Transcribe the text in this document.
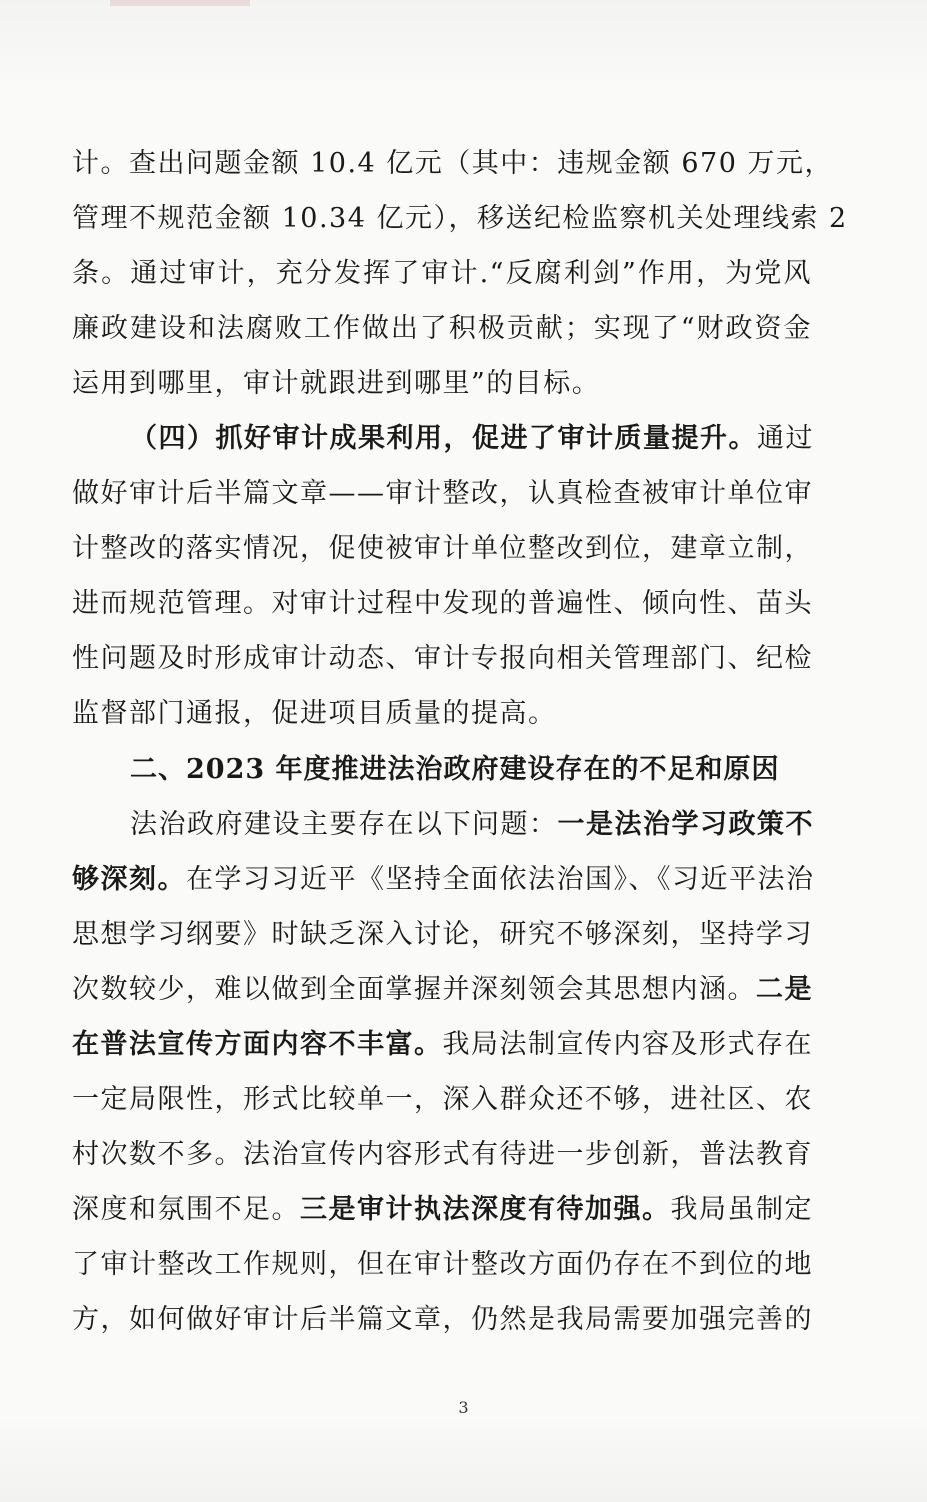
计。查出问题金额 10.4 亿元（其中：违规金额 670 万元，
管理不规范金额 10.34 亿元），移送纪检监察机关处理线索 2
条。通过审计，充分发挥了审计.“反腐利剑”作用，为党风
廉政建设和法腐败工作做出了积极贡献；实现了“财政资金
运用到哪里，审计就跟进到哪里”的目标。
（四）抓好审计成果利用，促进了审计质量提升。通过
做好审计后半篇文章——审计整改，认真检查被审计单位审
计整改的落实情况，促使被审计单位整改到位，建章立制，
进而规范管理。对审计过程中发现的普遍性、倾向性、苗头
性问题及时形成审计动态、审计专报向相关管理部门、纪检
监督部门通报，促进项目质量的提高。
二、2023 年度推进法治政府建设存在的不足和原因
法治政府建设主要存在以下问题：一是法治学习政策不
够深刻。在学习习近平《坚持全面依法治国》、《习近平法治
思想学习纲要》时缺乏深入讨论，研究不够深刻，坚持学习
次数较少，难以做到全面掌握并深刻领会其思想内涵。二是
在普法宣传方面内容不丰富。我局法制宣传内容及形式存在
一定局限性，形式比较单一，深入群众还不够，进社区、农
村次数不多。法治宣传内容形式有待进一步创新，普法教育
深度和氛围不足。三是审计执法深度有待加强。我局虽制定
了审计整改工作规则，但在审计整改方面仍存在不到位的地
方，如何做好审计后半篇文章，仍然是我局需要加强完善的
3
